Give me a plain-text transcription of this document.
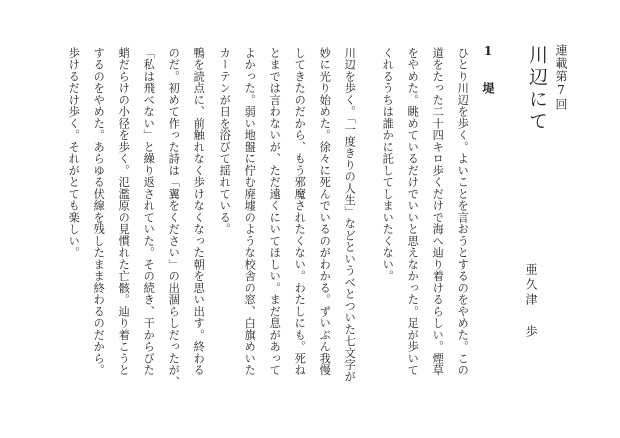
連載第7回
川辺にて
亜久津 歩
1　堤
ひとり川辺を歩く。よいことを言おうとするのをやめた。この
道をたった二十四キロ歩くだけで海へ辿り着けるらしい。煙草
をやめた。眺めているだけでいいと思えなかった。足が歩いて
くれるうちは誰かに託してしまいたくない。
川辺を歩く。「一度きりの人生」などというべとついた七文字が
妙に光り始めた。徐々に死んでいるのがわかる。ずいぶん我慢
してきたのだから、もう邪魔されたくない。わたしにも。死ね
とまでは言わないが、ただ遠くにいてほしい。まだ息があって
よかった。弱い地盤に佇む廃墟のような校舎の窓、白旗めいた
カーテンが日を浴びて揺れている。
鴨を読点に、前触れなく歩けなくなった朝を思い出す。終わる
のだ。初めて作った詩は「翼をください」の出涸らしだったが、
「私は飛べない」と繰り返されていた。その続き、干からびた
蛸だらけの小径を歩く。氾濫原の見慣れた亡骸。辿り着こうと
するのをやめた。あらゆる伏線を残したまま終わるのだから。
歩けるだけ歩く。それがとても楽しい。
